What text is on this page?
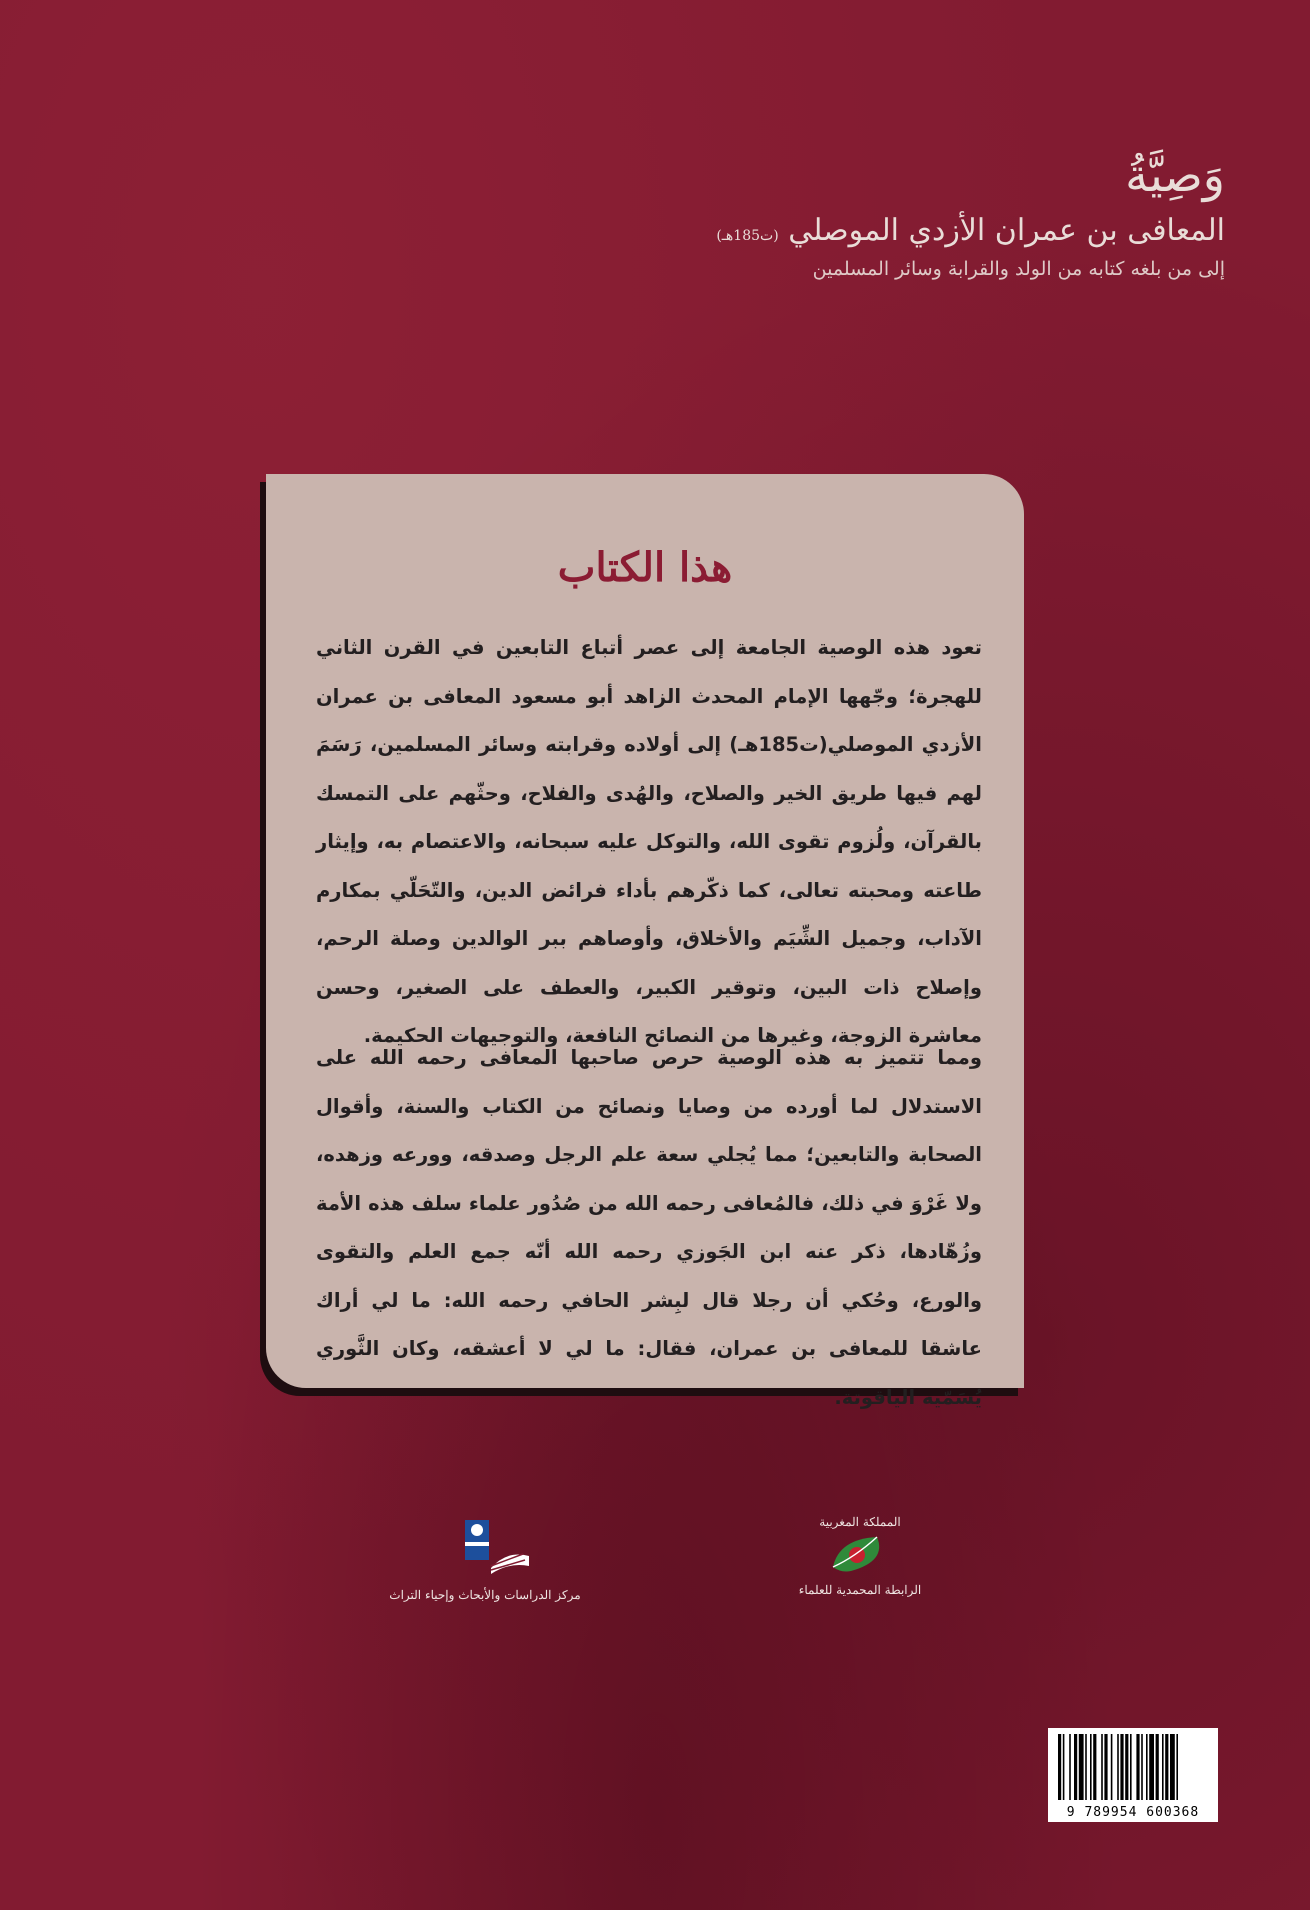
وَصِيَّةُ
المعافى بن عمران الأزدي الموصلي (ت185هـ)
إلى من بلغه كتابه من الولد والقرابة وسائر المسلمين
هذا الكتاب
تعود هذه الوصية الجامعة إلى عصر أتباع التابعين في القرن الثاني للهجرة؛ وجّهها الإمام المحدث الزاهد أبو مسعود المعافى بن عمران الأزدي الموصلي(ت185هـ) إلى أولاده وقرابته وسائر المسلمين، رَسَمَ لهم فيها طريق الخير والصلاح، والهُدى والفلاح، وحثّهم على التمسك بالقرآن، ولُزوم تقوى الله، والتوكل عليه سبحانه، والاعتصام به، وإيثار طاعته ومحبته تعالى، كما ذكّرهم بأداء فرائض الدين، والتّحَلّي بمكارم الآداب، وجميل الشِّيَم والأخلاق، وأوصاهم ببر الوالدين وصلة الرحم، وإصلاح ذات البين، وتوقير الكبير، والعطف على الصغير، وحسن معاشرة الزوجة، وغيرها من النصائح النافعة، والتوجيهات الحكيمة.
ومما تتميز به هذه الوصية حرص صاحبها المعافى رحمه الله على الاستدلال لما أورده من وصايا ونصائح من الكتاب والسنة، وأقوال الصحابة والتابعين؛ مما يُجلي سعة علم الرجل وصدقه، وورعه وزهده، ولا غَرْوَ في ذلك، فالمُعافى رحمه الله من صُدُور علماء سلف هذه الأمة وزُهّادها، ذكر عنه ابن الجَوزي رحمه الله أنّه جمع العلم والتقوى والورع، وحُكي أن رجلا قال لبِشر الحافي رحمه الله: ما لي أراك عاشقا للمعافى بن عمران، فقال: ما لي لا أعشقه، وكان الثَّوري يُسَمّيه الياقوتة.
مركز الدراسات والأبحاث وإحياء التراث
المملكة المغربية
الرابطة المحمدية للعلماء
9 789954 600368
